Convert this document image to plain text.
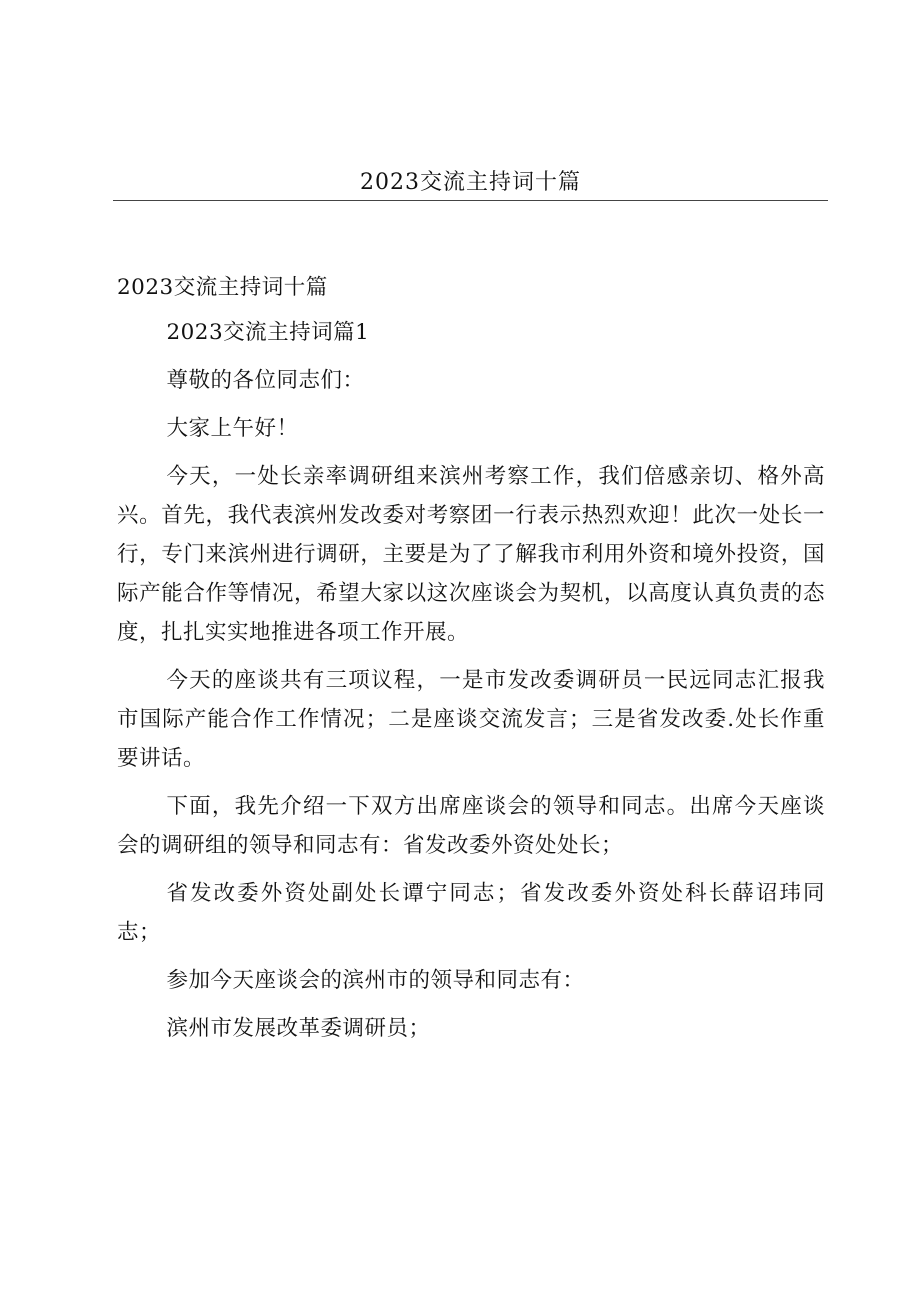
2023交流主持词十篇
2023交流主持词十篇

2023交流主持词篇1

尊敬的各位同志们：

大家上午好！

今天，一处长亲率调研组来滨州考察工作，我们倍感亲切、格外高兴。首先，我代表滨州发改委对考察团一行表示热烈欢迎！此次一处长一行，专门来滨州进行调研，主要是为了了解我市利用外资和境外投资，国际产能合作等情况，希望大家以这次座谈会为契机，以高度认真负责的态度，扎扎实实地推进各项工作开展。

今天的座谈共有三项议程，一是市发改委调研员一民远同志汇报我市国际产能合作工作情况；二是座谈交流发言；三是省发改委.处长作重要讲话。

下面，我先介绍一下双方出席座谈会的领导和同志。出席今天座谈会的调研组的领导和同志有：省发改委外资处处长；

省发改委外资处副处长谭宁同志；省发改委外资处科长薛诏玮同志；

参加今天座谈会的滨州市的领导和同志有：

滨州市发展改革委调研员；
